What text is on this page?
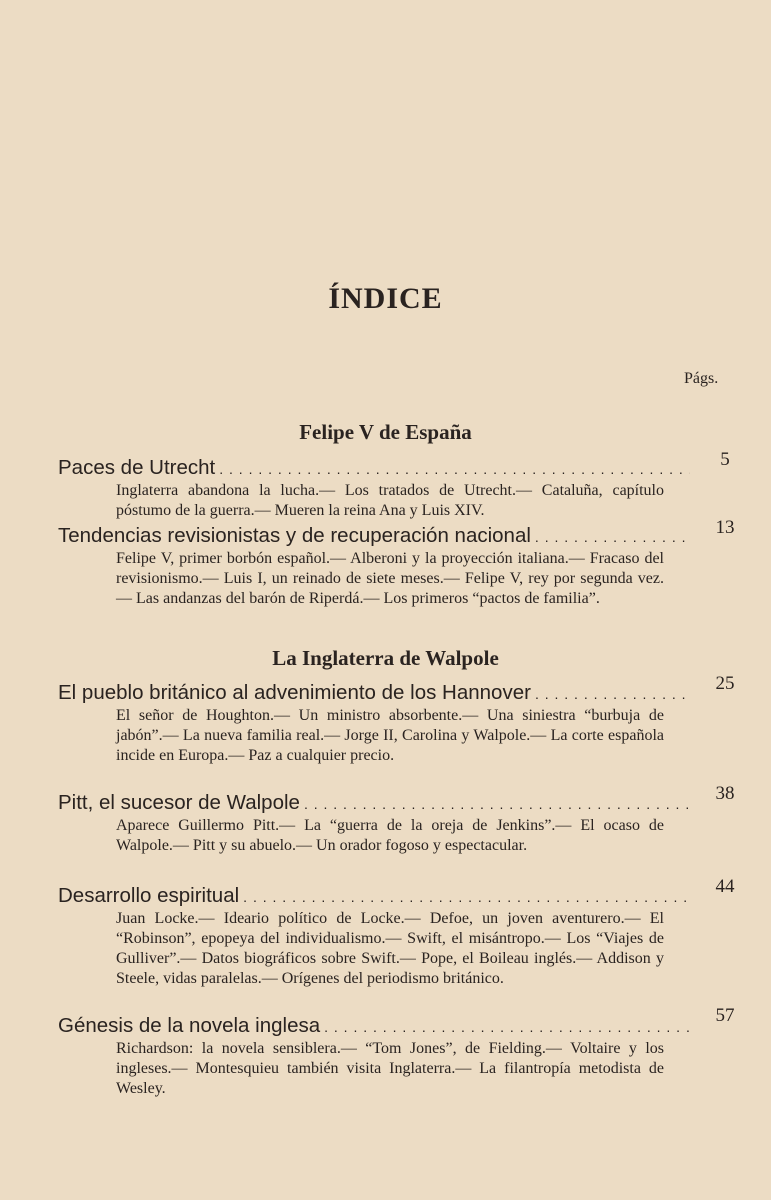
ÍNDICE
Págs.
Felipe V de España
Paces de Utrecht
. . .
Inglaterra abandona la lucha.— Los tratados de Utrecht.— Cataluña, capítulo póstumo de la guerra.— Mueren la reina Ana y Luis XIV.
5
Tendencias revisionistas y de recuperación nacional
. . .
Felipe V, primer borbón español.— Alberoni y la proyección italiana.— Fracaso del revisionismo.— Luis I, un reinado de siete meses.— Felipe V, rey por segunda vez.— Las andanzas del barón de Riperdá.— Los primeros “pactos de familia”.
13
La Inglaterra de Walpole
El pueblo británico al advenimiento de los Hannover
. . .
El señor de Houghton.— Un ministro absorbente.— Una siniestra “burbuja de jabón”.— La nueva familia real.— Jorge II, Carolina y Walpole.— La corte española incide en Europa.— Paz a cualquier precio.
25
Pitt, el sucesor de Walpole
. . .
Aparece Guillermo Pitt.— La “guerra de la oreja de Jenkins”.— El ocaso de Walpole.— Pitt y su abuelo.— Un orador fogoso y espectacular.
38
Desarrollo espiritual
. . .
Juan Locke.— Ideario político de Locke.— Defoe, un joven aventurero.— El “Robinson”, epopeya del individualismo.— Swift, el misántropo.— Los “Viajes de Gulliver”.— Datos biográficos sobre Swift.— Pope, el Boileau inglés.— Addison y Steele, vidas paralelas.— Orígenes del periodismo británico.
44
Génesis de la novela inglesa
. . .
Richardson: la novela sensiblera.— “Tom Jones”, de Fielding.— Voltaire y los ingleses.— Montesquieu también visita Inglaterra.— La filantropía metodista de Wesley.
57
